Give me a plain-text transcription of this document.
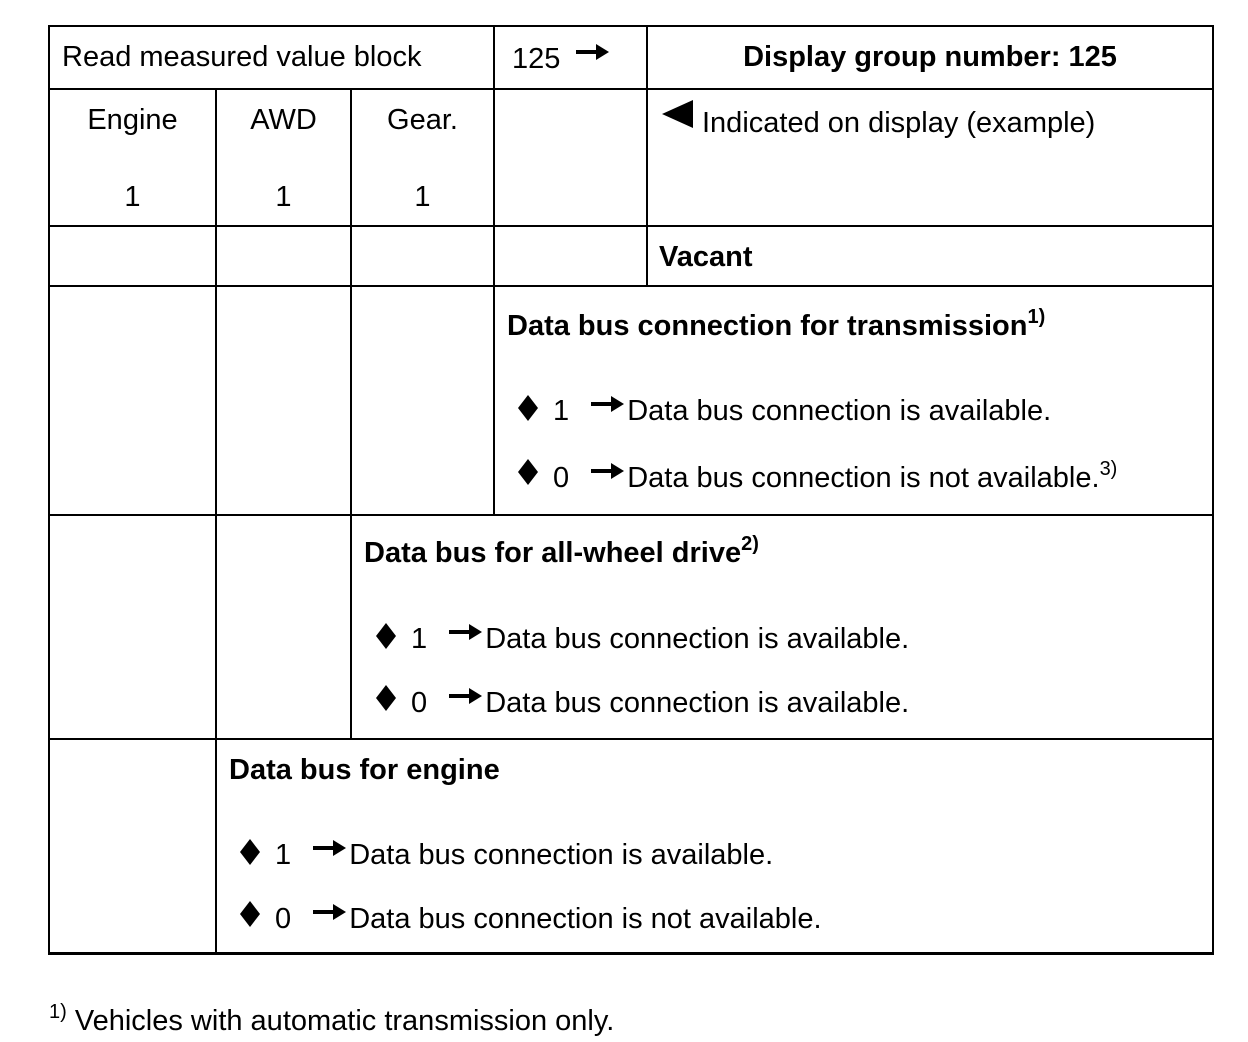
Read measured value block	125	Display group number: 125
Engine
1
AWD
1
Gear.
1
Indicated on display (example)
Vacant
Data bus connection for transmission$^{1)}$
1 Data bus connection is available.
0 Data bus connection is not available.$^{3)}$
Data bus for all-wheel drive$^{2)}$
1 Data bus connection is available.
0 Data bus connection is available.
Data bus for engine
1 Data bus connection is available.
0 Data bus connection is not available.
$^{1)}$ Vehicles with automatic transmission only.
